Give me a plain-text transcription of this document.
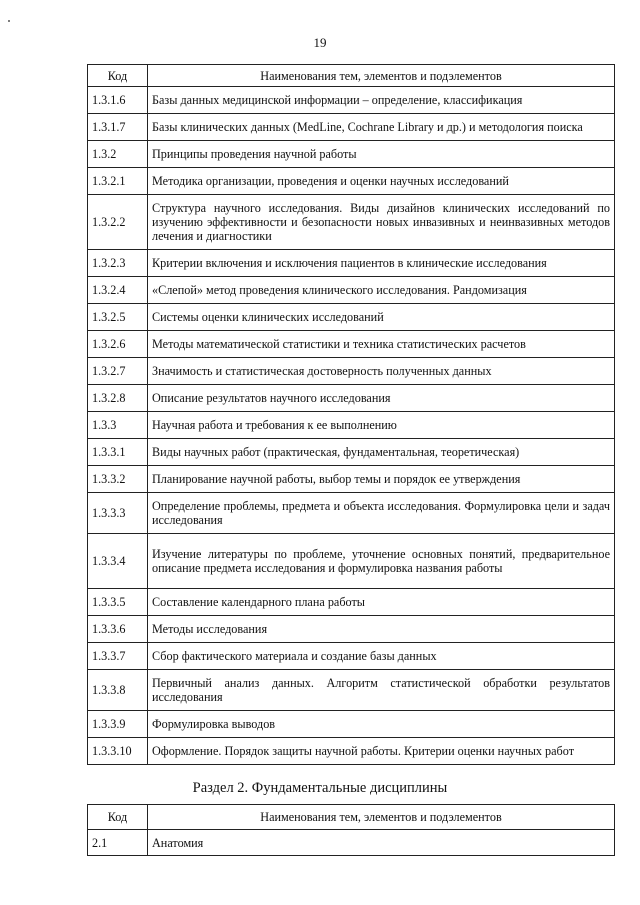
19
Код	Наименования тем, элементов и подэлементов
1.3.1.6	Базы данных медицинской информации – определение, классификация
1.3.1.7	Базы клинических данных (MedLine, Cochrane Library и др.) и методология поиска
1.3.2	Принципы проведения научной работы
1.3.2.1	Методика организации, проведения и оценки научных исследований
1.3.2.2	Структура научного исследования. Виды дизайнов клинических исследований по изучению эффективности и безопасности новых инвазивных и неинвазивных методов лечения и диагностики
1.3.2.3	Критерии включения и исключения пациентов в клинические исследования
1.3.2.4	«Слепой» метод проведения клинического исследования. Рандомизация
1.3.2.5	Системы оценки клинических исследований
1.3.2.6	Методы математической статистики и техника статистических расчетов
1.3.2.7	Значимость и статистическая достоверность полученных данных
1.3.2.8	Описание результатов научного исследования
1.3.3	Научная работа и требования к ее выполнению
1.3.3.1	Виды научных работ (практическая, фундаментальная, теоретическая)
1.3.3.2	Планирование научной работы, выбор темы и порядок ее утверждения
1.3.3.3	Определение проблемы, предмета и объекта исследования. Формулировка цели и задач исследования
1.3.3.4	Изучение литературы по проблеме, уточнение основных понятий, предварительное описание предмета исследования и формулировка названия работы
1.3.3.5	Составление календарного плана работы
1.3.3.6	Методы исследования
1.3.3.7	Сбор фактического материала и создание базы данных
1.3.3.8	Первичный анализ данных. Алгоритм статистической обработки результатов исследования
1.3.3.9	Формулировка выводов
1.3.3.10	Оформление. Порядок защиты научной работы. Критерии оценки научных работ
Раздел 2. Фундаментальные дисциплины
Код	Наименования тем, элементов и подэлементов
2.1	Анатомия
